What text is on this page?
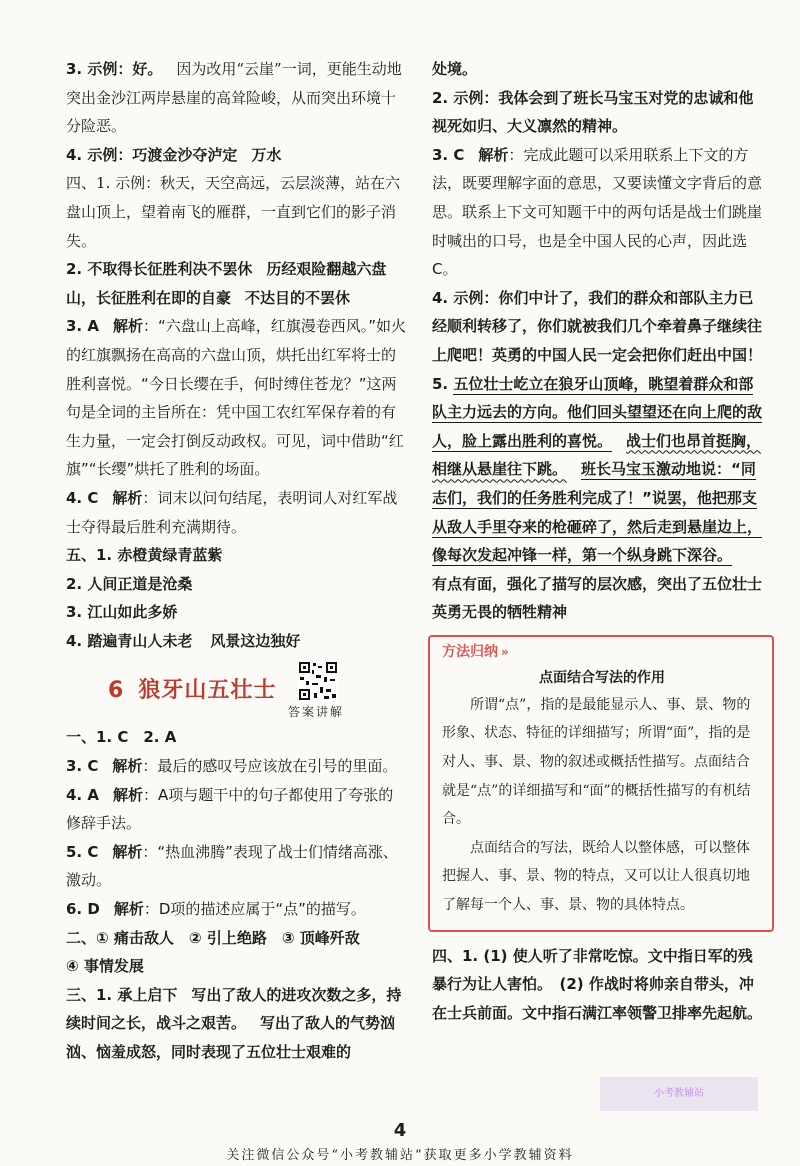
3. 示例：好。 因为改用“云崖”一词，更能生动地突出金沙江两岸悬崖的高耸险峻，从而突出环境十分险恶。

4. 示例：巧渡金沙夺泸定 万水

四、1. 示例：秋天，天空高远，云层淡薄，站在六盘山顶上，望着南飞的雁群，一直到它们的影子消失。

2. 不取得长征胜利决不罢休 历经艰险翻越六盘山，长征胜利在即的自豪 不达目的不罢休

3. A 解析：“六盘山上高峰，红旗漫卷西风。”如火的红旗飘扬在高高的六盘山顶，烘托出红军将士的胜利喜悦。“今日长缨在手，何时缚住苍龙？”这两句是全词的主旨所在：凭中国工农红军保存着的有生力量，一定会打倒反动政权。可见，词中借助“红旗”“长缨”烘托了胜利的场面。

4. C 解析：词末以问句结尾，表明词人对红军战士夺得最后胜利充满期待。

五、1. 赤橙黄绿青蓝紫

2. 人间正道是沧桑

3. 江山如此多娇

4. 踏遍青山人未老 风景这边独好

6 狼牙山五壮士
答案讲解

一、1. C　2. A

3. C 解析：最后的感叹号应该放在引号的里面。

4. A 解析：A项与题干中的句子都使用了夸张的修辞手法。

5. C 解析：“热血沸腾”表现了战士们情绪高涨、激动。

6. D 解析：D项的描述应属于“点”的描写。

二、① 痛击敌人　② 引上绝路　③ 顶峰歼敌

④ 事情发展

三、1. 承上启下 写出了敌人的进攻次数之多，持续时间之长，战斗之艰苦。 写出了敌人的气势汹汹、恼羞成怒，同时表现了五位壮士艰难的

处境。

2. 示例：我体会到了班长马宝玉对党的忠诚和他视死如归、大义凛然的精神。

3. C 解析：完成此题可以采用联系上下文的方法，既要理解字面的意思，又要读懂文字背后的意思。联系上下文可知题干中的两句话是战士们跳崖时喊出的口号，也是全中国人民的心声，因此选C。

4. 示例：你们中计了，我们的群众和部队主力已经顺利转移了，你们就被我们几个牵着鼻子继续往上爬吧！英勇的中国人民一定会把你们赶出中国！

5. 五位壮士屹立在狼牙山顶峰，眺望着群众和部队主力远去的方向。他们回头望望还在向上爬的敌人，脸上露出胜利的喜悦。 战士们也昂首挺胸，相继从悬崖往下跳。 班长马宝玉激动地说：“同志们，我们的任务胜利完成了！”说罢，他把那支从敌人手里夺来的枪砸碎了，然后走到悬崖边上，像每次发起冲锋一样，第一个纵身跳下深谷。

有点有面，强化了描写的层次感，突出了五位壮士英勇无畏的牺牲精神

方法归纳 »
点面结合写法的作用

所谓“点”，指的是最能显示人、事、景、物的形象、状态、特征的详细描写；所谓“面”，指的是对人、事、景、物的叙述或概括性描写。点面结合就是“点”的详细描写和“面”的概括性描写的有机结合。

点面结合的写法，既给人以整体感，可以整体把握人、事、景、物的特点，又可以让人很真切地了解每一个人、事、景、物的具体特点。

四、1. (1) 使人听了非常吃惊。文中指日军的残暴行为让人害怕。　(2) 作战时将帅亲自带头，冲在士兵前面。文中指石满江率领警卫排率先起航。

小考教辅站
4
关注微信公众号“小考教辅站”获取更多小学教辅资料
